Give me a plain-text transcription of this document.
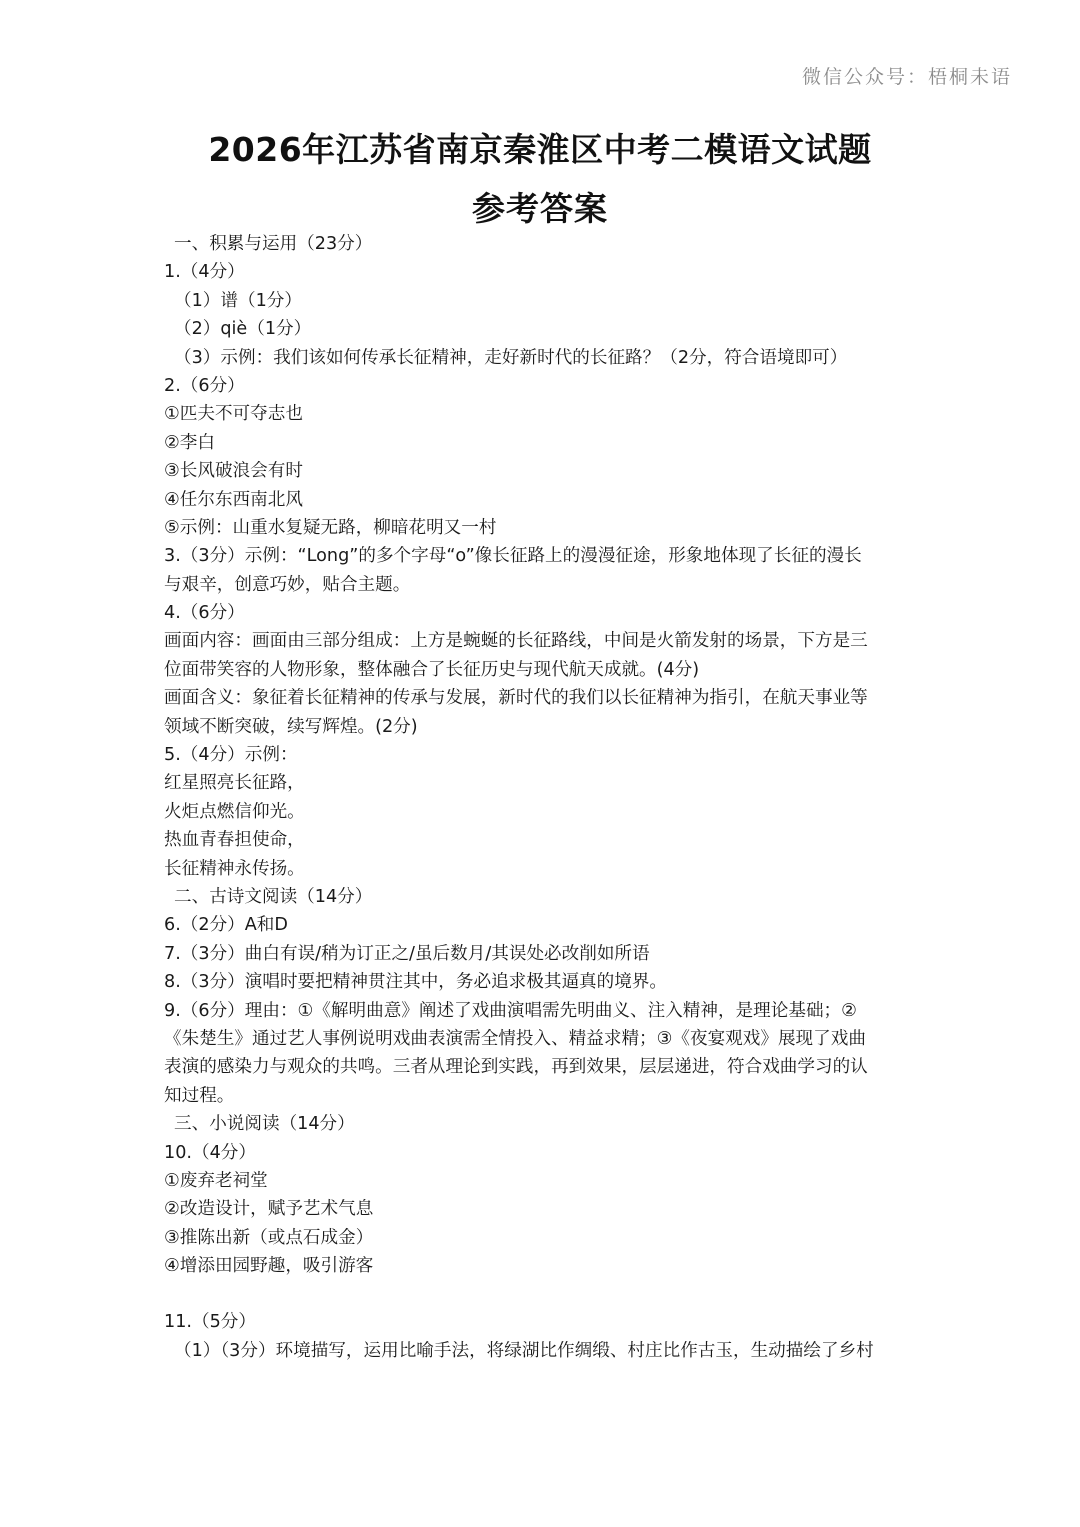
微信公众号：梧桐未语
2026年江苏省南京秦淮区中考二模语文试题
参考答案
一、积累与运用（23分）
1.（4分）
（1）谱（1分）
（2）qiè（1分）
（3）示例：我们该如何传承长征精神，走好新时代的长征路？（2分，符合语境即可）
2.（6分）
①匹夫不可夺志也
②李白
③长风破浪会有时
④任尔东西南北风
⑤示例：山重水复疑无路，柳暗花明又一村
3.（3分）示例：“Long”的多个字母“o”像长征路上的漫漫征途，形象地体现了长征的漫长
与艰辛，创意巧妙，贴合主题。
4.（6分）
画面内容：画面由三部分组成：上方是蜿蜒的长征路线，中间是火箭发射的场景，下方是三
位面带笑容的人物形象，整体融合了长征历史与现代航天成就。(4分)
画面含义：象征着长征精神的传承与发展，新时代的我们以长征精神为指引，在航天事业等
领域不断突破，续写辉煌。(2分)
5.（4分）示例：
红星照亮长征路，
火炬点燃信仰光。
热血青春担使命，
长征精神永传扬。
二、古诗文阅读（14分）
6.（2分）A和D
7.（3分）曲白有误/稍为订正之/虽后数月/其误处必改削如所语
8.（3分）演唱时要把精神贯注其中，务必追求极其逼真的境界。
9.（6分）理由：①《解明曲意》阐述了戏曲演唱需先明曲义、注入精神，是理论基础；②
《朱楚生》通过艺人事例说明戏曲表演需全情投入、精益求精；③《夜宴观戏》展现了戏曲
表演的感染力与观众的共鸣。三者从理论到实践，再到效果，层层递进，符合戏曲学习的认
知过程。
三、小说阅读（14分）
10.（4分）
①废弃老祠堂
②改造设计，赋予艺术气息
③推陈出新（或点石成金）
④增添田园野趣，吸引游客
11.（5分）
（1）（3分）环境描写，运用比喻手法，将绿湖比作绸缎、村庄比作古玉，生动描绘了乡村
